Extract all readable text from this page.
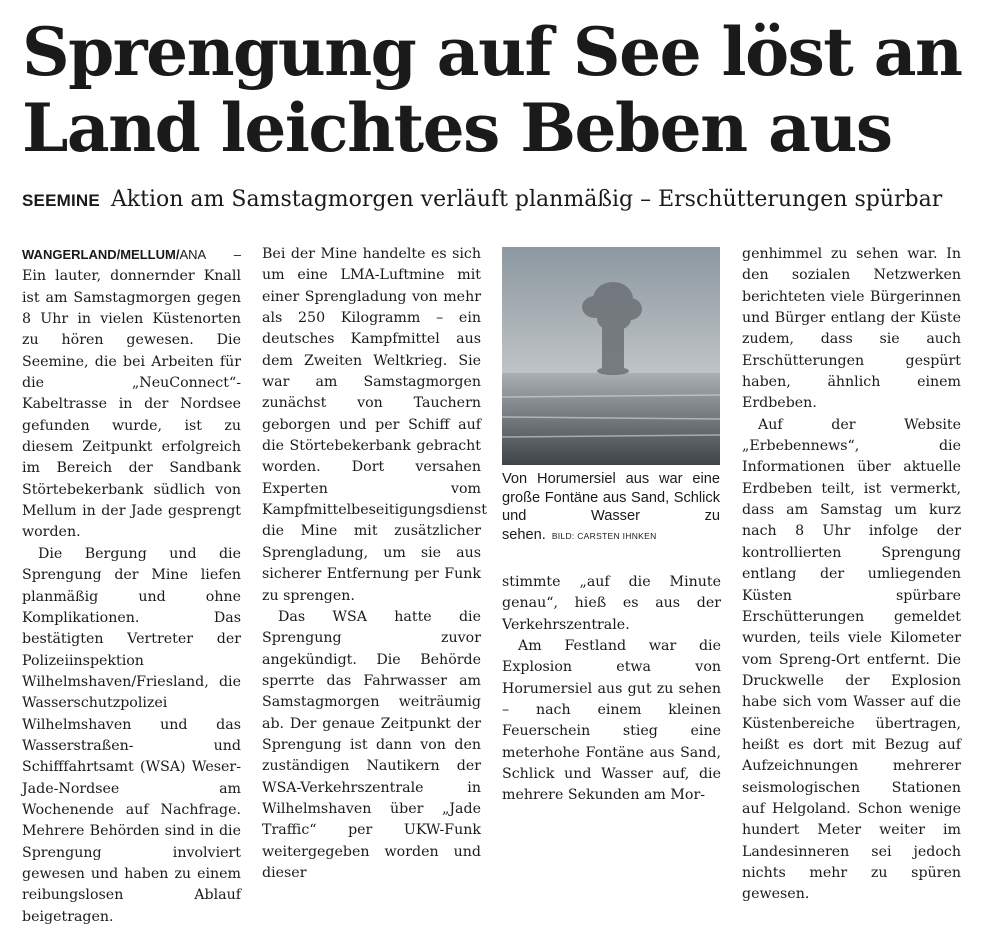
Sprengung auf See löst an Land leichtes Beben aus
SEEMINE Aktion am Samstagmorgen verläuft planmäßig – Erschütterungen spürbar

WANGERLAND/MELLUM/ANA – Ein lauter, donnernder Knall ist am Samstagmorgen gegen 8 Uhr in vielen Küstenorten zu hören gewesen. Die Seemine, die bei Arbeiten für die „NeuConnect“-Kabeltrasse in der Nordsee gefunden wurde, ist zu diesem Zeitpunkt erfolgreich im Bereich der Sandbank Störtebekerbank südlich von Mellum in der Jade gesprengt worden.

Die Bergung und die Sprengung der Mine liefen planmäßig und ohne Komplikationen. Das bestätigten Vertreter der Polizeiinspektion Wilhelmshaven/Friesland, die Wasserschutzpolizei Wilhelmshaven und das Wasserstraßen- und Schifffahrtsamt (WSA) Weser-Jade-Nordsee am Wochenende auf Nachfrage. Mehrere Behörden sind in die Sprengung involviert gewesen und haben zu einem reibungslosen Ablauf beigetragen.

Bei der Mine handelte es sich um eine LMA-Luftmine mit einer Sprengladung von mehr als 250 Kilogramm – ein deutsches Kampfmittel aus dem Zweiten Weltkrieg. Sie war am Samstagmorgen zunächst von Tauchern geborgen und per Schiff auf die Störtebekerbank gebracht worden. Dort versahen Experten vom Kampfmittelbeseitigungsdienst die Mine mit zusätzlicher Sprengladung, um sie aus sicherer Entfernung per Funk zu sprengen.

Das WSA hatte die Sprengung zuvor angekündigt. Die Behörde sperrte das Fahrwasser am Samstagmorgen weiträumig ab. Der genaue Zeitpunkt der Sprengung ist dann von den zuständigen Nautikern der WSA-Verkehrszentrale in Wilhelmshaven über „Jade Traffic“ per UKW-Funk weitergegeben worden und dieser

Von Horumersiel aus war eine große Fontäne aus Sand, Schlick und Wasser zu sehen. BILD: CARSTEN IHNKEN

stimmte „auf die Minute genau“, hieß es aus der Verkehrszentrale.

Am Festland war die Explosion etwa von Horumersiel aus gut zu sehen – nach einem kleinen Feuerschein stieg eine meterhohe Fontäne aus Sand, Schlick und Wasser auf, die mehrere Sekunden am Mor-

genhimmel zu sehen war. In den sozialen Netzwerken berichteten viele Bürgerinnen und Bürger entlang der Küste zudem, dass sie auch Erschütterungen gespürt haben, ähnlich einem Erdbeben.

Auf der Website „Erbebennews“, die Informationen über aktuelle Erdbeben teilt, ist vermerkt, dass am Samstag um kurz nach 8 Uhr infolge der kontrollierten Sprengung entlang der umliegenden Küsten spürbare Erschütterungen gemeldet wurden, teils viele Kilometer vom Spreng-Ort entfernt. Die Druckwelle der Explosion habe sich vom Wasser auf die Küstenbereiche übertragen, heißt es dort mit Bezug auf Aufzeichnungen mehrerer seismologischen Stationen auf Helgoland. Schon wenige hundert Meter weiter im Landesinneren sei jedoch nichts mehr zu spüren gewesen.
